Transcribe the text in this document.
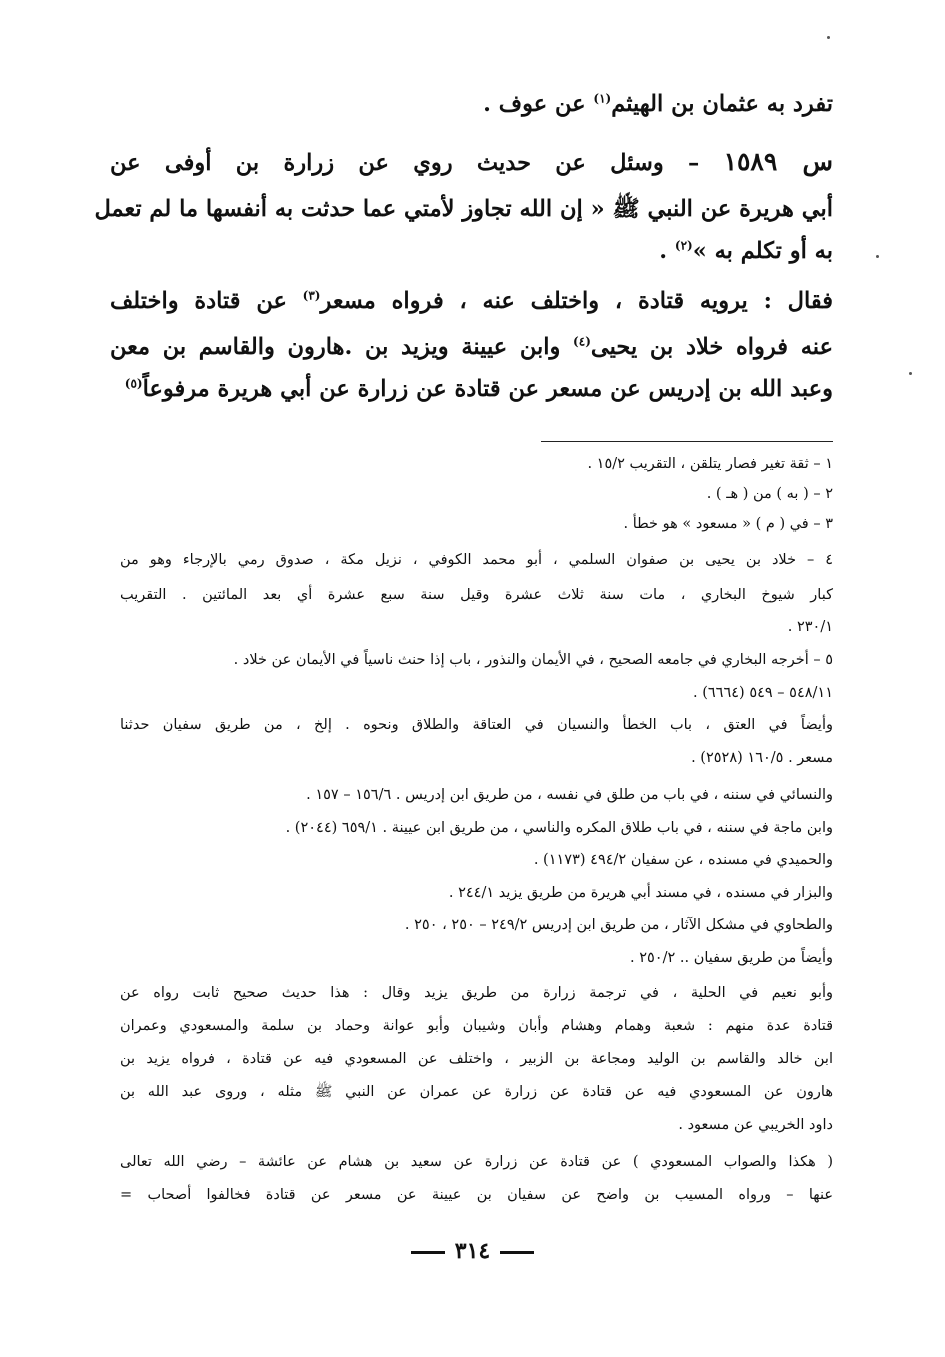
تفرد به عثمان بن الهيثم$^{(١)}$ عن عوف .
س ١٥٨٩ – وسئل عن حديث روي عن زرارة بن أوفى عن
أبي هريرة عن النبي ﷺ « إن الله تجاوز لأمتي عما حدثت به أنفسها ما لم تعمل
به أو تكلم به »$^{(٢)}$ .
فقال : يرويه قتادة ، واختلف عنه ، فرواه مسعر$^{(٣)}$ عن قتادة واختلف
عنه فرواه خلاد بن يحيى$^{(٤)}$ وابن عيينة ويزيد بن .هارون والقاسم بن معن
وعبد الله بن إدريس عن مسعر عن قتادة عن زرارة عن أبي هريرة مرفوعاً$^{(٥)}$
١ – ثقة تغير فصار يتلقن ، التقريب ١٥/٢ .
٢ – ( به ) من ( هـ ) .
٣ – في ( م ) « مسعود » هو خطأ .
٤ – خلاد بن يحيى بن صفوان السلمي ، أبو محمد الكوفي ، نزيل مكة ، صدوق رمي بالإرجاء وهو من
كبار شيوخ البخاري ، مات سنة ثلاث عشرة وقيل سنة سبع عشرة أي بعد المائتين . التقريب
٢٣٠/١ .
٥ – أخرجه البخاري في جامعه الصحيح ، في الأيمان والنذور ، باب إذا حنث ناسياً في الأيمان عن خلاد .
٥٤٨/١١ – ٥٤٩ (٦٦٦٤) .
وأيضاً في العتق ، باب الخطأ والنسيان في العتاقة والطلاق ونحوه . إلخ ، من طريق سفيان حدثنا
مسعر . ١٦٠/٥ (٢٥٢٨) .
والنسائي في سننه ، في باب من طلق في نفسه ، من طريق ابن إدريس . ١٥٦/٦ – ١٥٧ .
وابن ماجة في سننه ، في باب طلاق المكره والناسي ، من طريق ابن عيينة . ٦٥٩/١ (٢٠٤٤) .
والحميدي في مسنده ، عن سفيان ٤٩٤/٢ (١١٧٣) .
والبزار في مسنده ، في مسند أبي هريرة من طريق يزيد ٢٤٤/١ .
والطحاوي في مشكل الآثار ، من طريق ابن إدريس ٢٤٩/٢ – ٢٥٠ ، ٢٥٠ .
وأيضاً من طريق سفيان .. ٢٥٠/٢ .
وأبو نعيم في الحلية ، في ترجمة زرارة من طريق يزيد وقال : هذا حديث صحيح ثابت رواه عن
قتادة عدة منهم : شعبة وهمام وهشام وأبان وشيبان وأبو عوانة وحماد بن سلمة والمسعودي وعمران
ابن خالد والقاسم بن الوليد ومجاعة بن الزبير ، واختلف عن المسعودي فيه عن قتادة ، فرواه يزيد بن
هارون عن المسعودي فيه عن قتادة عن زرارة عن عمران عن النبي ﷺ مثله ، وروى عبد الله بن
داود الخريبي عن مسعود .
( هكذا والصواب المسعودي ) عن قتادة عن زرارة عن سعيد بن هشام عن عائشة – رضي الله تعالى
عنها – ورواه المسيب بن واضح عن سفيان بن عيينة عن مسعر عن قتادة فخالفوا أصحاب =
٣١٤
